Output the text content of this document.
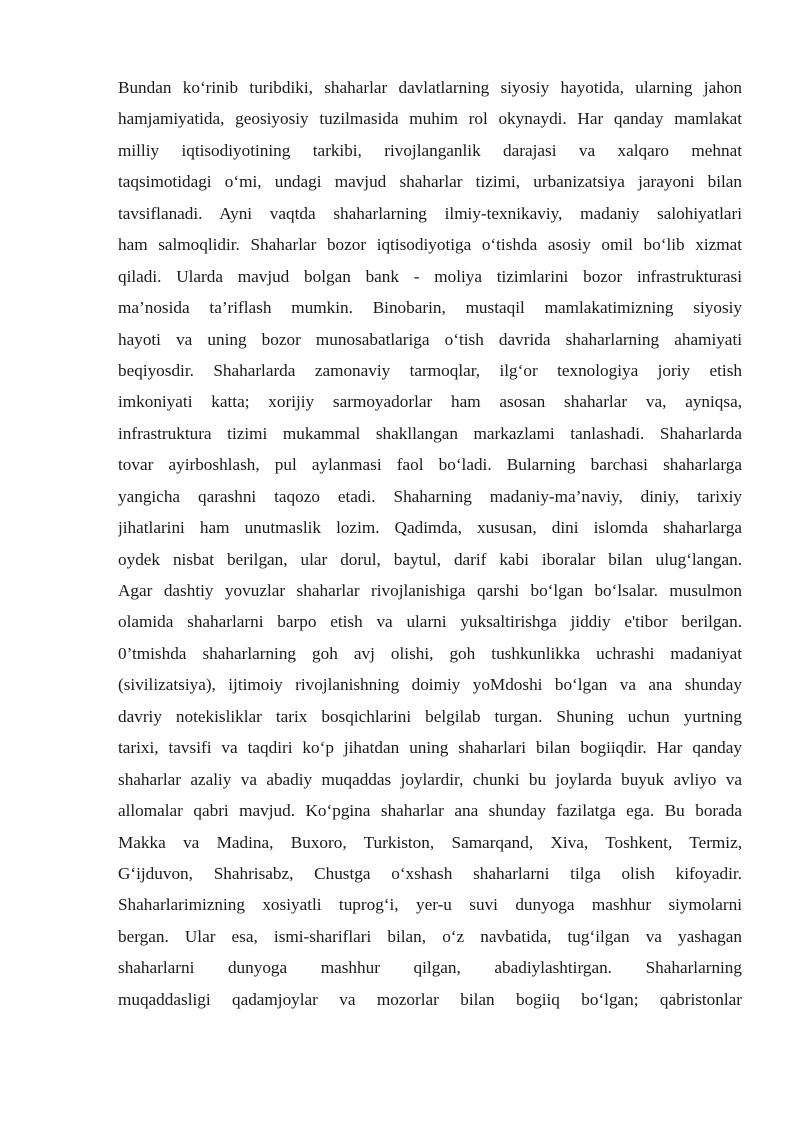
Bundan ko‘rinib turibdiki, shaharlar davlatlarning siyosiy hayotida, ularning jahon
hamjamiyatida, geosiyosiy tuzilmasida muhim rol okynaydi. Har qanday mamlakat
milliy iqtisodiyotining tarkibi, rivojlanganlik darajasi va xalqaro mehnat
taqsimotidagi o‘mi, undagi mavjud shaharlar tizimi, urbanizatsiya jarayoni bilan
tavsiflanadi. Ayni vaqtda shaharlarning ilmiy-texnikaviy, madaniy salohiyatlari
ham salmoqlidir. Shaharlar bozor iqtisodiyotiga o‘tishda asosiy omil bo‘lib xizmat
qiladi. Ularda mavjud bolgan bank - moliya tizimlarini bozor infrastrukturasi
ma’nosida ta’riflash mumkin. Binobarin, mustaqil mamlakatimizning siyosiy
hayoti va uning bozor munosabatlariga o‘tish davrida shaharlarning ahamiyati
beqiyosdir. Shaharlarda zamonaviy tarmoqlar, ilg‘or texnologiya joriy etish
imkoniyati katta; xorijiy sarmoyadorlar ham asosan shaharlar va, ayniqsa,
infrastruktura tizimi mukammal shakllangan markazlami tanlashadi. Shaharlarda
tovar ayirboshlash, pul aylanmasi faol bo‘ladi. Bularning barchasi shaharlarga
yangicha qarashni taqozo etadi. Shaharning madaniy-ma’naviy, diniy, tarixiy
jihatlarini ham unutmaslik lozim. Qadimda, xususan, dini islomda shaharlarga
oydek nisbat berilgan, ular dorul, baytul, darif kabi iboralar bilan ulug‘langan.
Agar dashtiy yovuzlar shaharlar rivojlanishiga qarshi bo‘lgan bo‘lsalar. musulmon
olamida shaharlarni barpo etish va ularni yuksaltirishga jiddiy e'tibor berilgan.
0’tmishda shaharlarning goh avj olishi, goh tushkunlikka uchrashi madaniyat
(sivilizatsiya), ijtimoiy rivojlanishning doimiy yoMdoshi bo‘lgan va ana shunday
davriy notekisliklar tarix bosqichlarini belgilab turgan. Shuning uchun yurtning
tarixi, tavsifi va taqdiri ko‘p jihatdan uning shaharlari bilan bogiiqdir. Har qanday
shaharlar azaliy va abadiy muqaddas joylardir, chunki bu joylarda buyuk avliyo va
allomalar qabri mavjud. Ko‘pgina shaharlar ana shunday fazilatga ega. Bu borada
Makka va Madina, Buxoro, Turkiston, Samarqand, Xiva, Toshkent, Termiz,
G‘ijduvon, Shahrisabz, Chustga o‘xshash shaharlarni tilga olish kifoyadir.
Shaharlarimizning xosiyatli tuprog‘i, yer-u suvi dunyoga mashhur siymolarni
bergan. Ular esa, ismi-shariflari bilan, o‘z navbatida, tug‘ilgan va yashagan
shaharlarni dunyoga mashhur qilgan, abadiylashtirgan. Shaharlarning
muqaddasligi qadamjoylar va mozorlar bilan bogiiq bo‘lgan; qabristonlar
